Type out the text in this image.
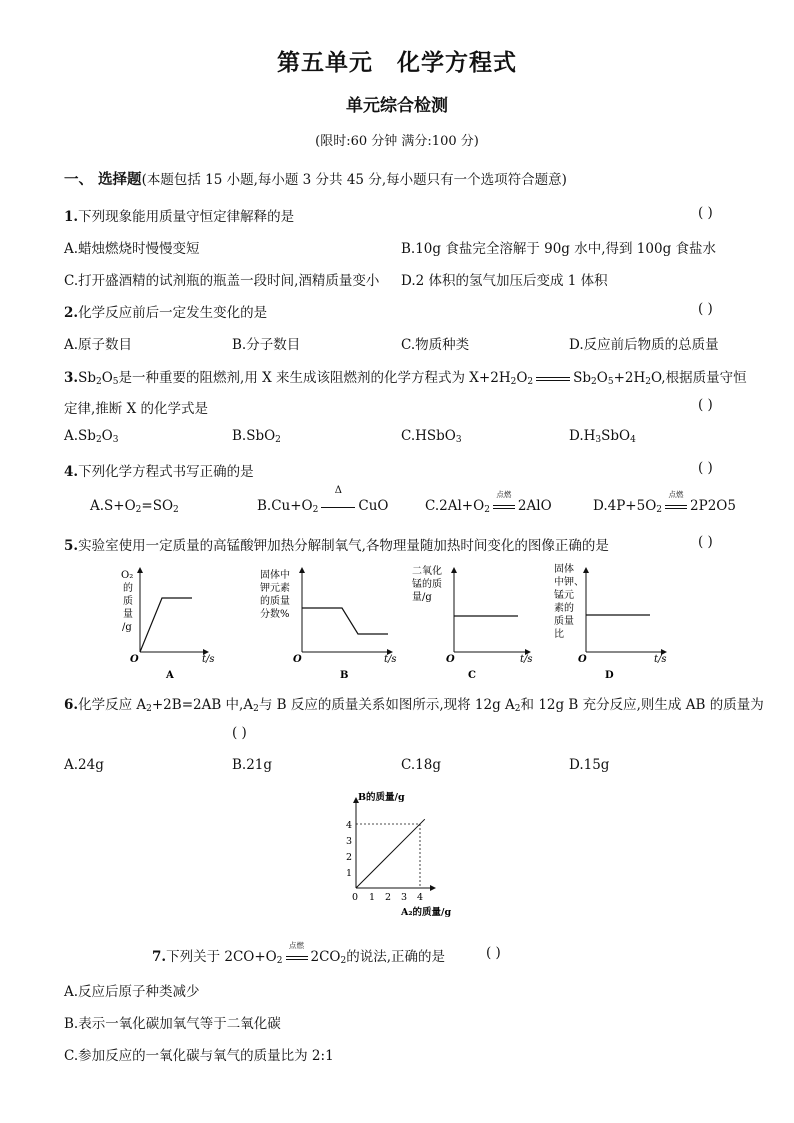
第五单元 化学方程式
单元综合检测
(限时:60 分钟 满分:100 分)
一、 选择题(本题包括 15 小题,每小题 3 分共 45 分,每小题只有一个选项符合题意)
1.下列现象能用质量守恒定律解释的是	( )
A.蜡烛燃烧时慢慢变短	B.10g 食盐完全溶解于 90g 水中,得到 100g 食盐水
C.打开盛酒精的试剂瓶的瓶盖一段时间,酒精质量变小 D.2 体积的氢气加压后变成 1 体积
2.化学反应前后一定发生变化的是	( )
A.原子数目	B.分子数目	C.物质种类	D.反应前后物质的总质量
$3.Sb_2O_5$是一种重要的阻燃剂,用 X 来生成该阻燃剂的化学方程式为 $X+2H_2O_2$	$Sb_2O_5+2H_2O$,根据质量守恒
定律,推断 X 的化学式是	( )
$A.Sb_2O_3$	B.SbO$_2$	C.HSbO$_3$	$D.H_3SbO_4$
4.下列化学方程式书写正确的是	( )
$A.S+O_2=SO_2$	$B.Cu+O_2$
Δ
CuO	$C.2Al+O_2$
点燃
2AlO	$D.4P+5O_2$
点燃
2P2O5
5.实验室使用一定质量的高锰酸钾加热分解制氧气,各物理量随加热时间变化的图像正确的是	( )
O₂
的
质
量
/g
O	t/s
A
固体中
钾元素
的质量
分数%
O	t/s
B
二氧化
锰的质
量/g
O	t/s
C
固体
中钾、
锰元
素的
质量
比
O	t/s
D
6.化学反应 $A_2+2B=2AB$ 中$,A_2$与 B 反应的质量关系如图所示,现将 12g $A_2$和 12g B 充分反应,则生成 AB 的质量为
( )
A.24g	B.21g	C.18g	D.15g
B的质量/g
A₂的质量/g
0 1 2 3 4
1
2
3
4
7.下列关于 $2CO+O_2$
点燃
$2CO_2$的说法,正确的是	( )
A.反应后原子种类减少
B.表示一氧化碳加氧气等于二氧化碳
C.参加反应的一氧化碳与氧气的质量比为 2:1
